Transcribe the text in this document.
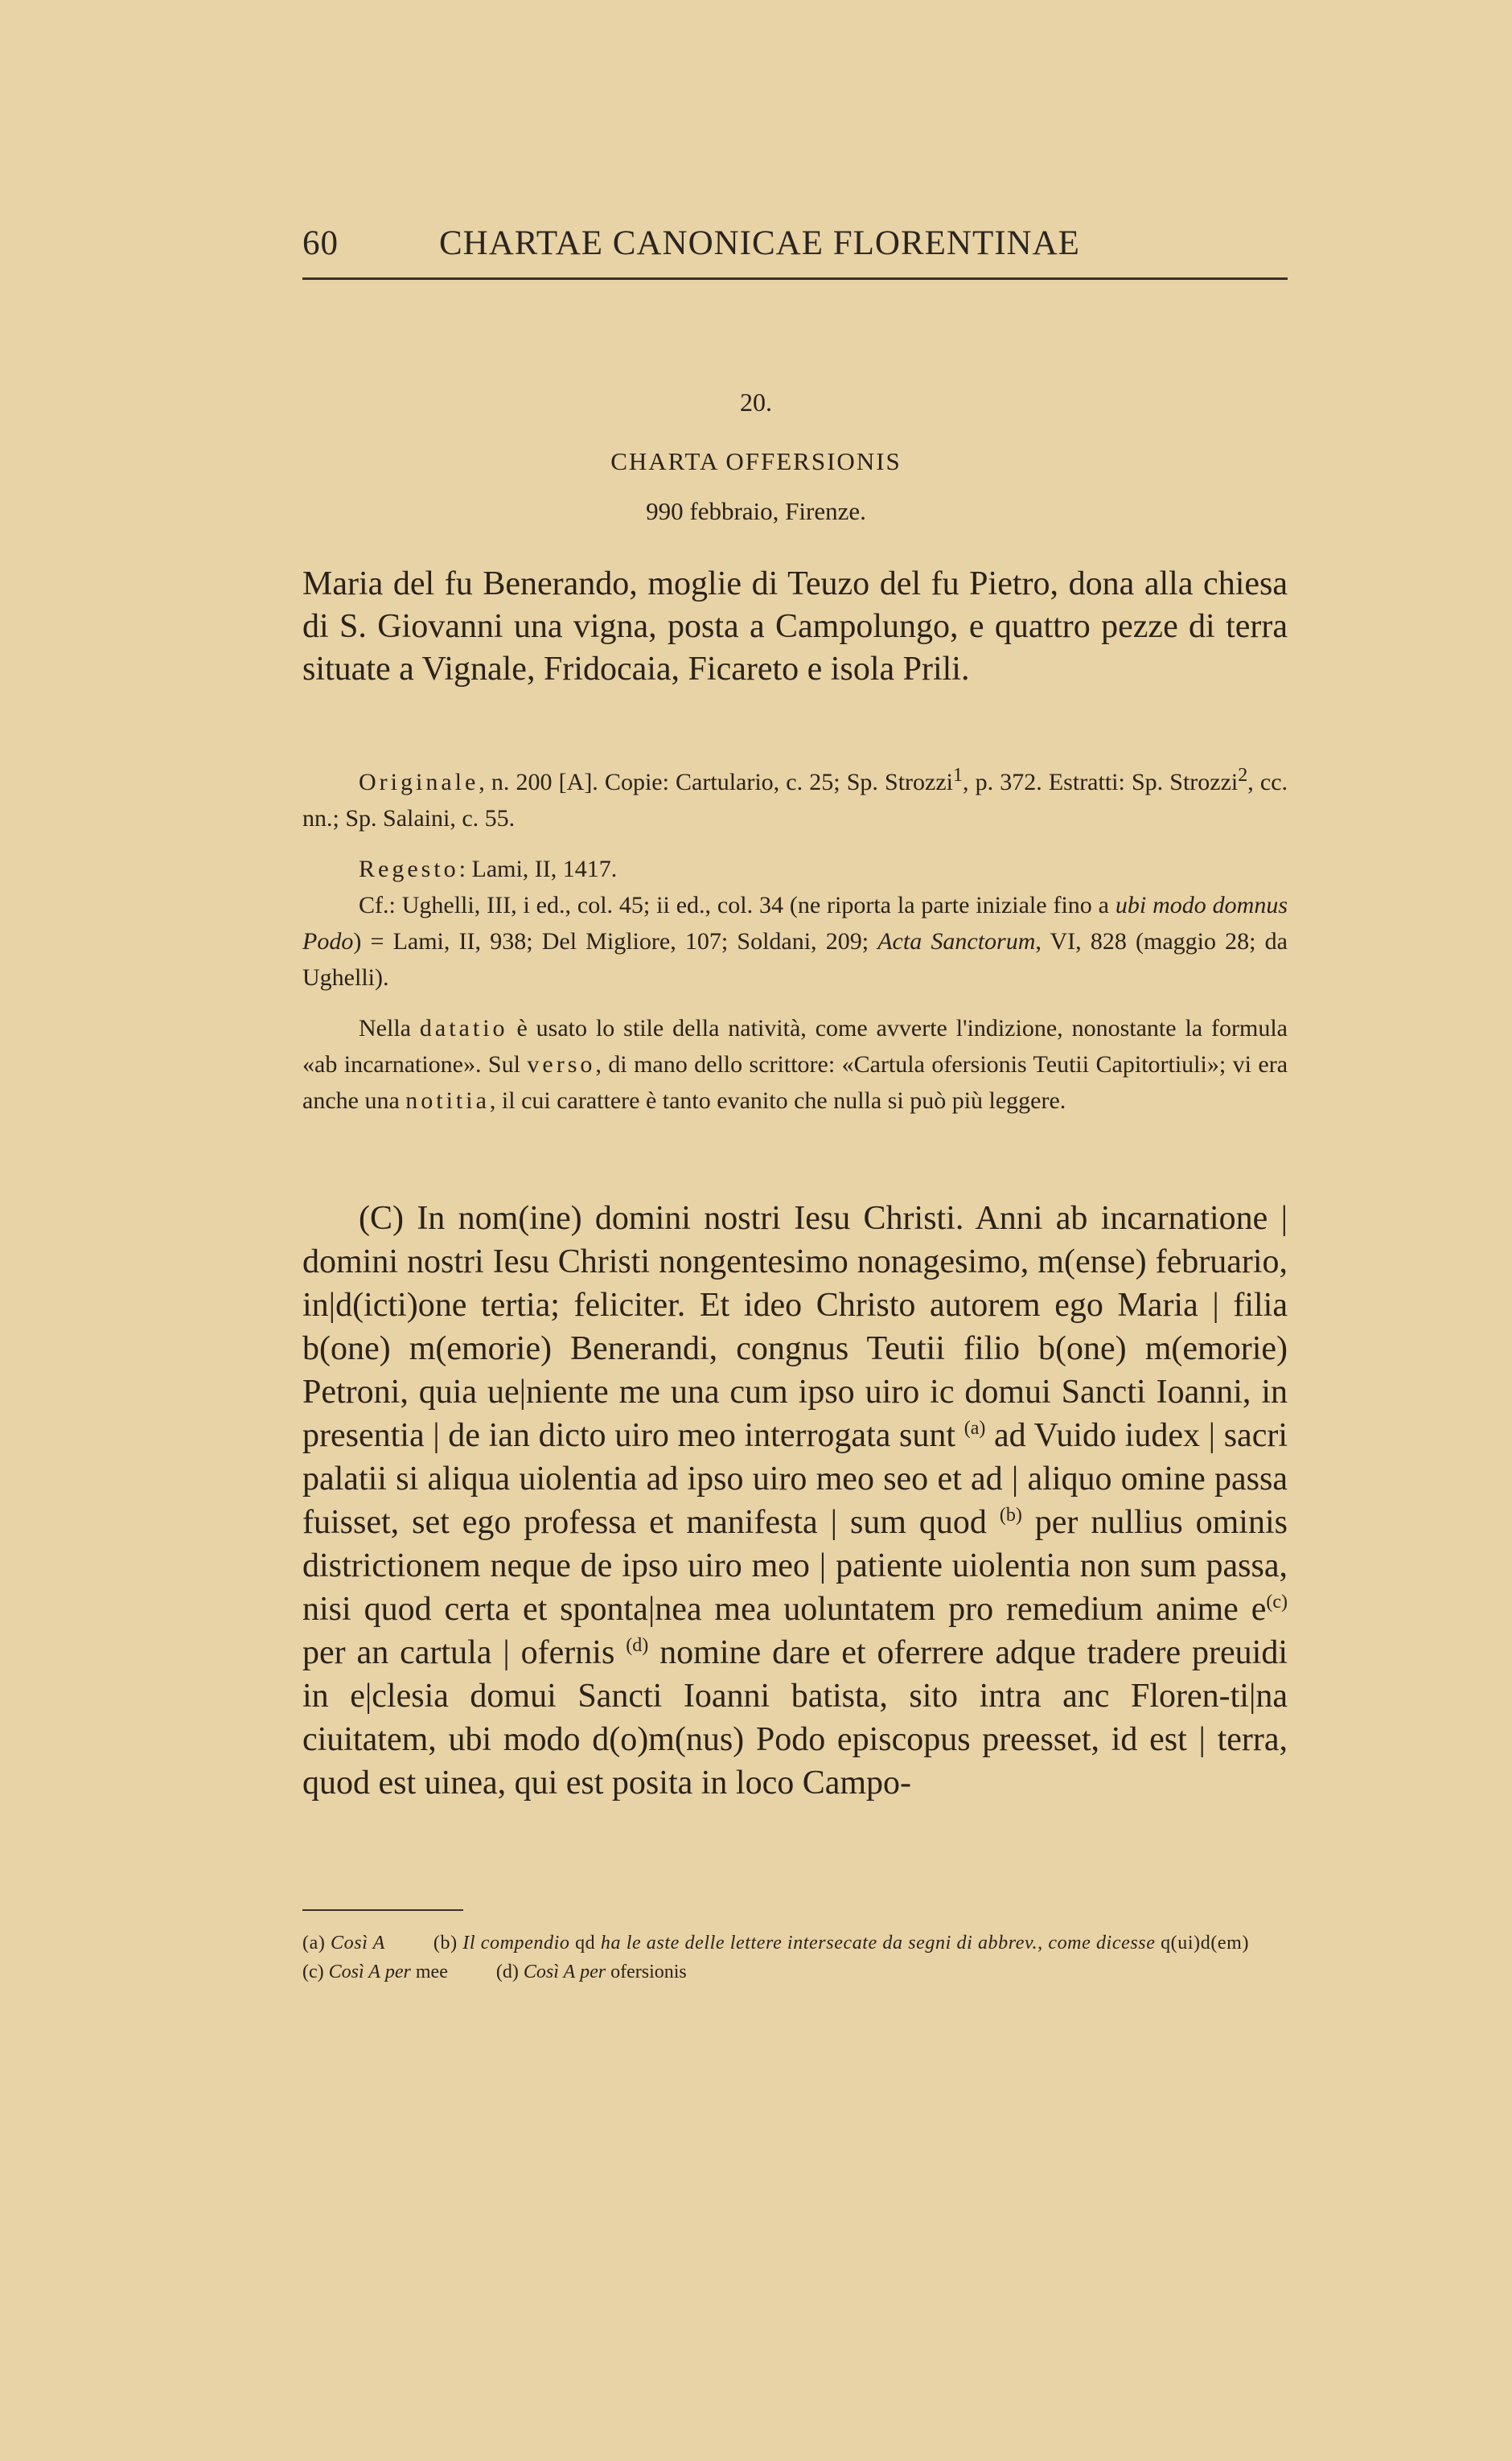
60	CHARTAE CANONICAE FLORENTINAE
20.
CHARTA OFFERSIONIS
990 febbraio, Firenze.

Maria del fu Benerando, moglie di Teuzo del fu Pietro, dona alla chiesa di S. Giovanni una vigna, posta a Campolungo, e quattro pezze di terra situate a Vignale, Fridocaia, Ficareto e isola Prili.

Originale, n. 200 [A]. Copie: Cartulario, c. 25; Sp. Strozzi$^1$, p. 372. Estratti: Sp. Strozzi$^2$, cc. nn.; Sp. Salaini, c. 55.

Regesto: Lami, II, 1417.

Cf.: Ughelli, III, i ed., col. 45; ii ed., col. 34 (ne riporta la parte iniziale fino a ubi modo domnus Podo) = Lami, II, 938; Del Migliore, 107; Soldani, 209; Acta Sanctorum, VI, 828 (maggio 28; da Ughelli).

Nella datatio è usato lo stile della natività, come avverte l'indizione, nonostante la formula «ab incarnatione». Sul verso, di mano dello scrittore: «Cartula ofersionis Teutii Capitortiuli»; vi era anche una notitia, il cui carattere è tanto evanito che nulla si può più leggere.

(C) In nom(ine) domini nostri Iesu Christi. Anni ab incarnatione | domini nostri Iesu Christi nongentesimo nonagesimo, m(ense) februario, in|d(icti)one tertia; feliciter. Et ideo Christo autorem ego Maria | filia b(one) m(emorie) Benerandi, congnus Teutii filio b(one) m(emorie) Petroni, quia ue|niente me una cum ipso uiro ic domui Sancti Ioanni, in presentia | de ian dicto uiro meo interrogata sunt $^{(a)}$ ad Vuido iudex | sacri palatii si aliqua uiolentia ad ipso uiro meo seo et ad | aliquo omine passa fuisset, set ego professa et manifesta | sum quod $^{(b)}$ per nullius ominis districtionem neque de ipso uiro meo | patiente uiolentia non sum passa, nisi quod certa et sponta|nea mea uoluntatem pro remedium anime $e^{(c)}$ per an cartula | ofernis $^{(d)}$ nomine dare et oferrere adque tradere preuidi in e|clesia domui Sancti Ioanni batista, sito intra anc Floren-ti|na ciuitatem, ubi modo d(o)m(nus) Podo episcopus preesset, id est | terra, quod est uinea, qui est posita in loco Campo-

(a) Così A	(b) Il compendio qd ha le aste delle lettere intersecate da segni di abbrev., come dicesse q(ui)d(em)
(c) Così A per mee	(d) Così A per ofersionis
